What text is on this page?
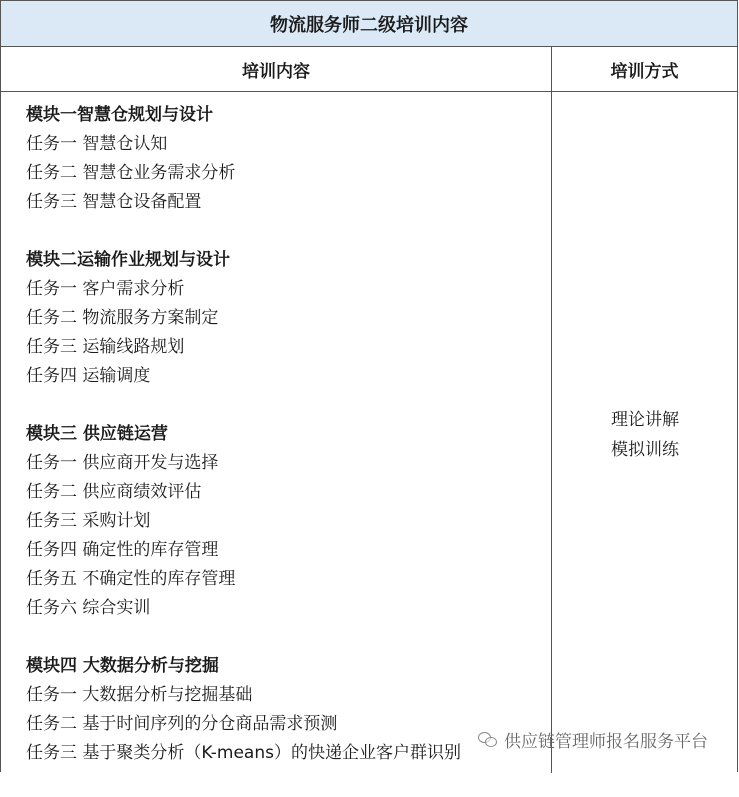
物流服务师二级培训内容
培训内容	培训方式
模块一智慧仓规划与设计
任务一 智慧仓认知
任务二 智慧仓业务需求分析
任务三 智慧仓设备配置
模块二运输作业规划与设计
任务一 客户需求分析
任务二 物流服务方案制定
任务三 运输线路规划
任务四 运输调度
模块三 供应链运营
任务一 供应商开发与选择
任务二 供应商绩效评估
任务三 采购计划
任务四 确定性的库存管理
任务五 不确定性的库存管理
任务六 综合实训
模块四 大数据分析与挖掘
任务一 大数据分析与挖掘基础
任务二 基于时间序列的分仓商品需求预测
任务三 基于聚类分析（K-means）的快递企业客户群识别
理论讲解
模拟训练
供应链管理师报名服务平台
